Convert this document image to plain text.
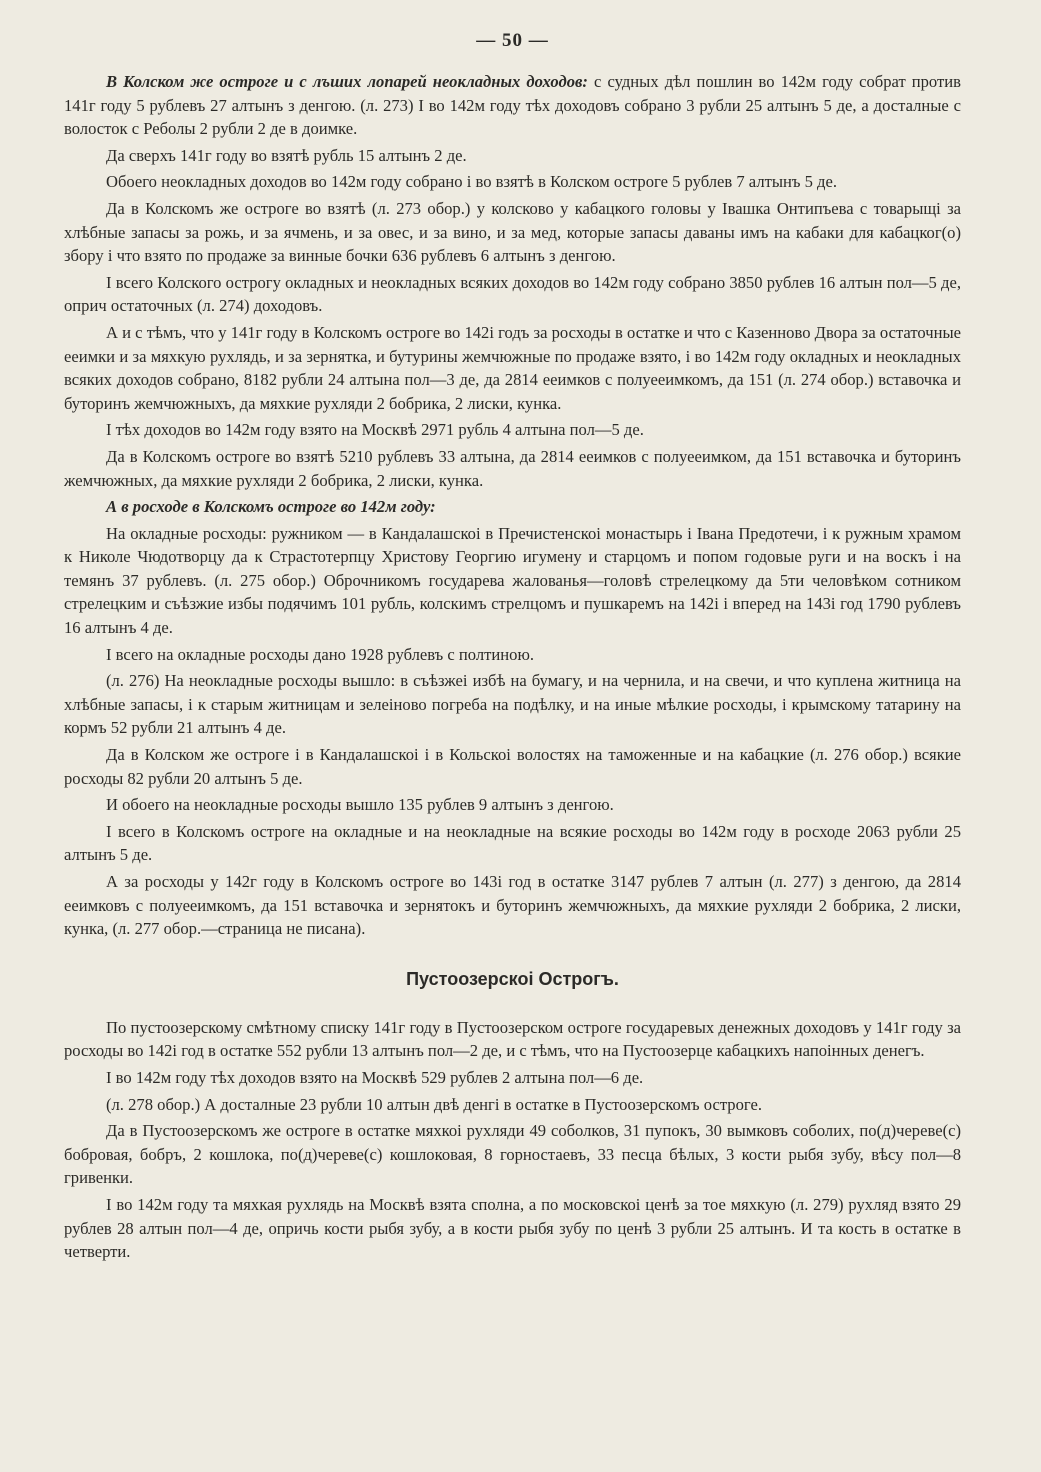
— 50 —

В Колском же остроге и с лъших лопарей неокладных доходов: с судных дѣл пошлин во 142м году собрат против 141г году 5 рублевъ 27 алтынъ з денгою. (л. 273) I во 142м году тѣх доходовъ собрано 3 рубли 25 алтынъ 5 де, а досталные с волосток с Реболы 2 рубли 2 де в доимке.

Да сверхъ 141г году во взятѣ рубль 15 алтынъ 2 де.

Обоего неокладных доходов во 142м году собрано і во взятѣ в Колском остроге 5 рублев 7 алтынъ 5 де.

Да в Колскомъ же остроге во взятѣ (л. 273 обор.) у колсково у кабацкого головы у Івашка Онтипъева с товарыщі за хлѣбные запасы за рожь, и за ячмень, и за овес, и за вино, и за мед, которые запасы даваны имъ на кабаки для кабацког(о) збору і что взято по продаже за винные бочки 636 рублевъ 6 алтынъ з денгою.

I всего Колского острогу окладных и неокладных всяких доходов во 142м году собрано 3850 рублев 16 алтын пол—5 де, оприч остаточных (л. 274) доходовъ.

А и с тѣмъ, что у 141г году в Колскомъ остроге во 142і годъ за росходы в остатке и что с Казенново Двора за остаточные ееимки и за мяхкую рухлядь, и за зернятка, и бутурины жемчюжные по продаже взято, і во 142м году окладных и неокладных всяких доходов собрано, 8182 рубли 24 алтына пол—3 де, да 2814 ееимков с полуееимкомъ, да 151 (л. 274 обор.) вставочка и буторинъ жемчюжныхъ, да мяхкие рухляди 2 бобрика, 2 лиски, кунка.

I тѣх доходов во 142м году взято на Москвѣ 2971 рубль 4 алтына пол—5 де.

Да в Колскомъ остроге во взятѣ 5210 рублевъ 33 алтына, да 2814 ееимков с полуееимком, да 151 вставочка и буторинъ жемчюжных, да мяхкие рухляди 2 бобрика, 2 лиски, кунка.

А в росходе в Колскомъ остроге во 142м году:

На окладные росходы: ружником — в Кандалашскоі в Пречистенскоі монастырь і Івана Предотечи, і к ружным храмом к Николе Чюдотворцу да к Страстотерпцу Христову Георгию игумену и старцомъ и попом годовые руги и на воскъ і на темянъ 37 рублевъ. (л. 275 обор.) Оброчникомъ государева жалованья—головѣ стрелецкому да 5ти человѣком сотником стрелецким и съѣзжие избы подячимъ 101 рубль, колскимъ стрелцомъ и пушкаремъ на 142і і вперед на 143і год 1790 рублевъ 16 алтынъ 4 де.

I всего на окладные росходы дано 1928 рублевъ с полтиною.

(л. 276) На неокладные росходы вышло: в съѣзжеі избѣ на бумагу, и на чернила, и на свечи, и что куплена житница на хлѣбные запасы, і к старым житницам и зелеіново погреба на подѣлку, и на иные мѣлкие росходы, і крымскому татарину на кормъ 52 рубли 21 алтынъ 4 де.

Да в Колском же остроге і в Кандалашскоі і в Кольскоі волостях на таможенные и на кабацкие (л. 276 обор.) всякие росходы 82 рубли 20 алтынъ 5 де.

И обоего на неокладные росходы вышло 135 рублев 9 алтынъ з денгою.

I всего в Колскомъ остроге на окладные и на неокладные на всякие росходы во 142м году в росходе 2063 рубли 25 алтынъ 5 де.

А за росходы у 142г году в Колскомъ остроге во 143і год в остатке 3147 рублев 7 алтын (л. 277) з денгою, да 2814 ееимковъ с полуееимкомъ, да 151 вставочка и зернятокъ и буторинъ жемчюжныхъ, да мяхкие рухляди 2 бобрика, 2 лиски, кунка, (л. 277 обор.—страница не писана).

Пустоозерскоі Острогъ.

По пустоозерскому смѣтному списку 141г году в Пустоозерском остроге государевых денежных доходовъ у 141г году за росходы во 142і год в остатке 552 рубли 13 алтынъ пол—2 де, и с тѣмъ, что на Пустоозерце кабацкихъ напоінных денегъ.

I во 142м году тѣх доходов взято на Москвѣ 529 рублев 2 алтына пол—6 де.

(л. 278 обор.) А досталные 23 рубли 10 алтын двѣ денгі в остатке в Пустоозерскомъ остроге.

Да в Пустоозерскомъ же остроге в остатке мяхкоі рухляди 49 соболков, 31 пупокъ, 30 вымковъ соболих, по(д)череве(с) бобровая, бобръ, 2 кошлока, по(д)череве(с) кошлоковая, 8 горностаевъ, 33 песца бѣлых, 3 кости рыбя зубу, вѣсу пол—8 гривенки.

I во 142м году та мяхкая рухлядь на Москвѣ взята сполна, а по московскоі ценѣ за тое мяхкую (л. 279) рухляд взято 29 рублев 28 алтын пол—4 де, опричь кости рыбя зубу, а в кости рыбя зубу по ценѣ 3 рубли 25 алтынъ. И та кость в остатке в четверти.
